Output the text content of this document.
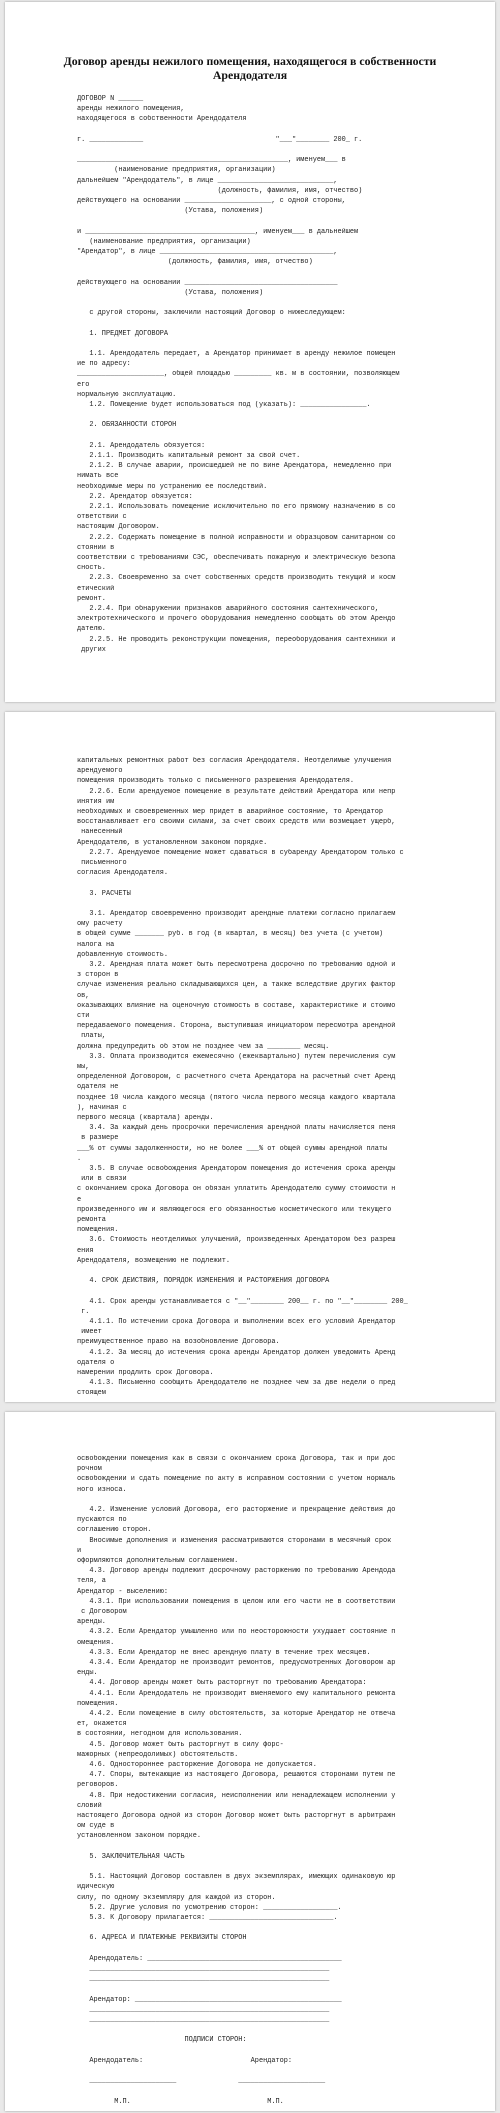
Договор аренды нежилого помещения, находящегося в собственности Арендодателя
ДОГОВОР N ______
аренды нежилого помещения,
находящегося в собственности Арендодателя
г. _____________                                "___"________ 200_ г.
___________________________________________________, именуем___ в
(наименование предприятия, организации)
дальнейшем "Арендодатель", в лице ____________________________,
(должность, фамилия, имя, отчество)
действующего на основании _____________________, с одной стороны,
(Устава, положения)
и _________________________________________, именуем___ в дальнейшем
(наименование предприятия, организации)
"Арендатор", в лице __________________________________________,
(должность, фамилия, имя, отчество)
действующего на основании _____________________________________
(Устава, положения)
с другой стороны, заключили настоящий Договор о нижеследующем:
1. ПРЕДМЕТ ДОГОВОРА
1.1. Арендодатель передает, а Арендатор принимает в аренду нежилое помещен
ие по адресу:
_____________________, общей площадью _________ кв. м в состоянии, позволяющем
его
нормальную эксплуатацию.
1.2. Помещение будет использоваться под (указать): ________________.
2. ОБЯЗАННОСТИ СТОРОН
2.1. Арендодатель обязуется:
2.1.1. Производить капитальный ремонт за свой счет.
2.1.2. В случае аварии, происшедшей не по вине Арендатора, немедленно при
нимать все
необходимые меры по устранению ее последствий.
2.2. Арендатор обязуется:
2.2.1. Использовать помещение исключительно по его прямому назначению в со
ответствии с
настоящим Договором.
2.2.2. Содержать помещение в полной исправности и образцовом санитарном со
стоянии в
соответствии с требованиями СЭС, обеспечивать пожарную и электрическую безопа
сность.
2.2.3. Своевременно за счет собственных средств производить текущий и косм
етический
ремонт.
2.2.4. При обнаружении признаков аварийного состояния сантехнического,
электротехнического и прочего оборудования немедленно сообщать об этом Арендо
дателю.
2.2.5. Не проводить реконструкции помещения, переоборудования сантехники и
других
капитальных ремонтных работ без согласия Арендодателя. Неотделимые улучшения
арендуемого
помещения производить только с письменного разрешения Арендодателя.
2.2.6. Если арендуемое помещение в результате действий Арендатора или непр
инятия им
необходимых и своевременных мер придет в аварийное состояние, то Арендатор
восстанавливает его своими силами, за счет своих средств или возмещает ущерб,
нанесенный
Арендодателю, в установленном законом порядке.
2.2.7. Арендуемое помещение может сдаваться в субаренду Арендатором только с
письменного
согласия Арендодателя.
3. РАСЧЕТЫ
3.1. Арендатор своевременно производит арендные платежи согласно прилагаем
ому расчету
в общей сумме _______ руб. в год (в квартал, в месяц) без учета (с учетом)
налога на
добавленную стоимость.
3.2. Арендная плата может быть пересмотрена досрочно по требованию одной и
з сторон в
случае изменения реально складывающихся цен, а также вследствие других фактор
ов,
оказывающих влияние на оценочную стоимость в составе, характеристике и стоимо
сти
передаваемого помещения. Сторона, выступившая инициатором пересмотра арендной
платы,
должна предупредить об этом не позднее чем за ________ месяц.
3.3. Оплата производится ежемесячно (ежеквартально) путем перечисления сум
мы,
определенной Договором, с расчетного счета Арендатора на расчетный счет Аренд
одателя не
позднее 10 числа каждого месяца (пятого числа первого месяца каждого квартала
), начиная с
первого месяца (квартала) аренды.
3.4. За каждый день просрочки перечисления арендной платы начисляется пеня
в размере
___% от суммы задолженности, но не более ___% от общей суммы арендной платы
.
3.5. В случае освобождения Арендатором помещения до истечения срока аренды
или в связи
с окончанием срока Договора он обязан уплатить Арендодателю сумму стоимости н
е
произведенного им и являющегося его обязанностью косметического или текущего
ремонта
помещения.
3.6. Стоимость неотделимых улучшений, произведенных Арендатором без разреш
ения
Арендодателя, возмещению не подлежит.
4. СРОК ДЕЙСТВИЯ, ПОРЯДОК ИЗМЕНЕНИЯ И РАСТОРЖЕНИЯ ДОГОВОРА
4.1. Срок аренды устанавливается с "__"________ 200__ г. по "__"________ 200_
г.
4.1.1. По истечении срока Договора и выполнении всех его условий Арендатор
имеет
преимущественное право на возобновление Договора.
4.1.2. За месяц до истечения срока аренды Арендатор должен уведомить Аренд
одателя о
намерении продлить срок Договора.
4.1.3. Письменно сообщить Арендодателю не позднее чем за две недели о пред
стоящем
освобождении помещения как в связи с окончанием срока Договора, так и при дос
рочном
освобождении и сдать помещение по акту в исправном состоянии с учетом нормаль
ного износа.
4.2. Изменение условий Договора, его расторжение и прекращение действия до
пускаются по
соглашению сторон.
Вносимые дополнения и изменения рассматриваются сторонами в месячный срок
и
оформляются дополнительным соглашением.
4.3. Договор аренды подлежит досрочному расторжению по требованию Арендода
теля, а
Арендатор - выселению:
4.3.1. При использовании помещения в целом или его части не в соответствии
с Договором
аренды.
4.3.2. Если Арендатор умышленно или по неосторожности ухудшает состояние п
омещения.
4.3.3. Если Арендатор не внес арендную плату в течение трех месяцев.
4.3.4. Если Арендатор не производит ремонтов, предусмотренных Договором ар
енды.
4.4. Договор аренды может быть расторгнут по требованию Арендатора:
4.4.1. Если Арендодатель не производит вменяемого ему капитального ремонта
помещения.
4.4.2. Если помещение в силу обстоятельств, за которые Арендатор не отвеча
ет, окажется
в состоянии, негодном для использования.
4.5. Договор может быть расторгнут в силу форс-
мажорных (непреодолимых) обстоятельств.
4.6. Одностороннее расторжение Договора не допускается.
4.7. Споры, вытекающие из настоящего Договора, решаются сторонами путем пе
реговоров.
4.8. При недостижении согласия, неисполнении или ненадлежащем исполнении у
словий
настоящего Договора одной из сторон Договор может быть расторгнут в арбитражн
ом суде в
установленном законом порядке.
5. ЗАКЛЮЧИТЕЛЬНАЯ ЧАСТЬ
5.1. Настоящий Договор составлен в двух экземплярах, имеющих одинаковую юр
идическую
силу, по одному экземпляру для каждой из сторон.
5.2. Другие условия по усмотрению сторон: __________________.
5.3. К Договору прилагается: ______________________________.
6. АДРЕСА И ПЛАТЕЖНЫЕ РЕКВИЗИТЫ СТОРОН
Арендодатель: _______________________________________________
__________________________________________________________
__________________________________________________________
Арендатор: __________________________________________________
__________________________________________________________
__________________________________________________________
ПОДПИСИ СТОРОН:
Арендодатель:                          Арендатор:
_____________________               _____________________
М.П.                                 М.П.
